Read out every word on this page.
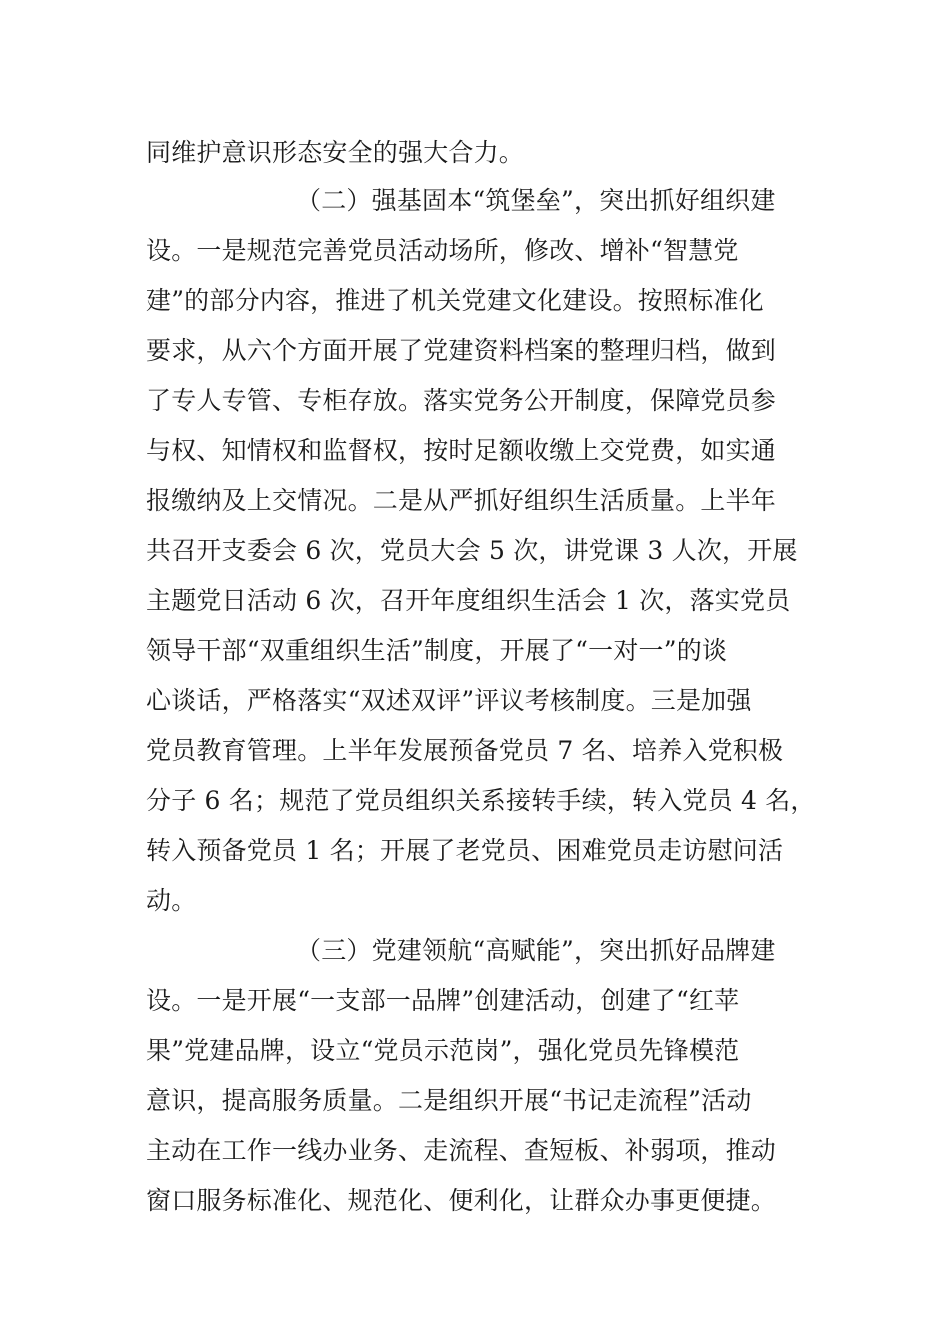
同维护意识形态安全的强大合力。
（二）强基固本“筑堡垒”，突出抓好组织建
设。一是规范完善党员活动场所，修改、增补“智慧党
建”的部分内容，推进了机关党建文化建设。按照标准化
要求，从六个方面开展了党建资料档案的整理归档，做到
了专人专管、专柜存放。落实党务公开制度，保障党员参
与权、知情权和监督权，按时足额收缴上交党费，如实通
报缴纳及上交情况。二是从严抓好组织生活质量。上半年
共召开支委会 6 次，党员大会 5 次，讲党课 3 人次，开展
主题党日活动 6 次，召开年度组织生活会 1 次，落实党员
领导干部“双重组织生活”制度，开展了“一对一”的谈
心谈话，严格落实“双述双评”评议考核制度。三是加强
党员教育管理。上半年发展预备党员 7 名、培养入党积极
分子 6 名；规范了党员组织关系接转手续，转入党员 4 名，
转入预备党员 1 名；开展了老党员、困难党员走访慰问活
动。
（三）党建领航“高赋能”，突出抓好品牌建
设。一是开展“一支部一品牌”创建活动，创建了“红苹
果”党建品牌，设立“党员示范岗”，强化党员先锋模范
意识，提高服务质量。二是组织开展“书记走流程”活动
主动在工作一线办业务、走流程、查短板、补弱项，推动
窗口服务标准化、规范化、便利化，让群众办事更便捷。
